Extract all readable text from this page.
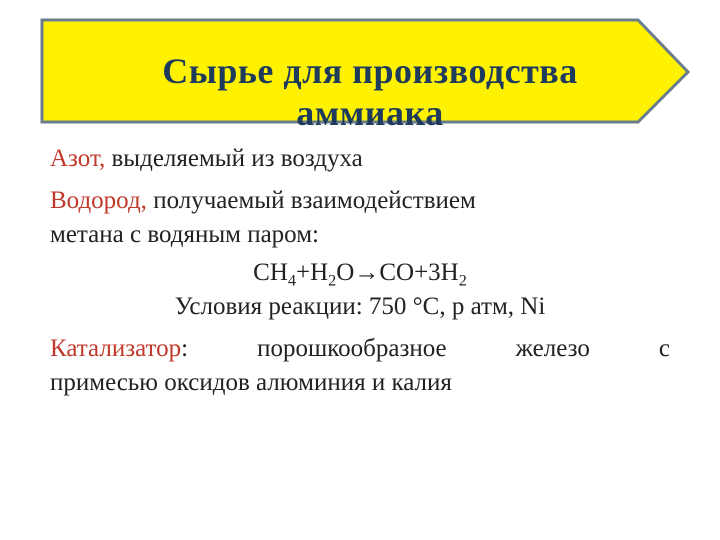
Сырье для производства
аммиака

Азот, выделяемый из воздуха

Водород, получаемый взаимодействием
метана с водяным паром:

$CH_4+H_2O\to CO+3H_2$

Условия реакции: 750 °С, р атм, Ni

Катализатор: порошкообразное железо с

примесью оксидов алюминия и калия
